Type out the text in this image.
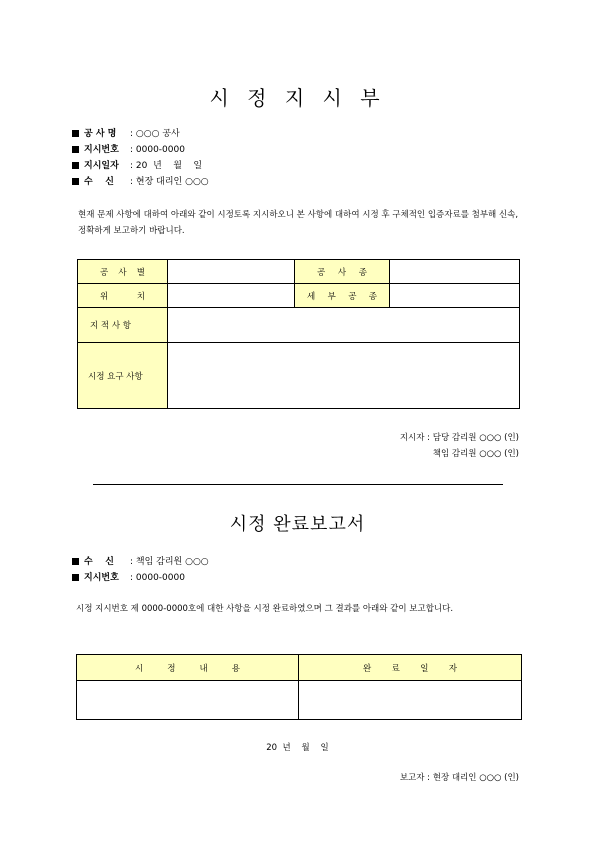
시 정 지 시 부
공 사 명 : ○○○ 공사
지시번호 : 0000-0000
지시일자 : 20  년    월    일
수    신 : 현장 대리인 ○○○
현재 문제 사항에 대하여 아래와 같이 시정토록 지시하오니 본 사항에 대하여 시정 후 구체적인 입증자료를 첨부해 신속, 정확하게 보고하기 바랍니다.
공 사 별		공 사 종	

위 치		세 부 공 종	

지 적 사 항			
시정 요구 사항			
지시자 : 담당 감리원 ○○○ (인)
책임 감리원 ○○○ (인)
시정 완료보고서
수    신 : 책임 감리원 ○○○
지시번호 : 0000-0000
시정 지시번호 제 0000-0000호에 대한 사항을 시정 완료하였으며 그 결과를 아래와 같이 보고합니다.
시 정 내 용	완 료 일 자

20  년    월    일
보고자 : 현장 대리인 ○○○ (인)
